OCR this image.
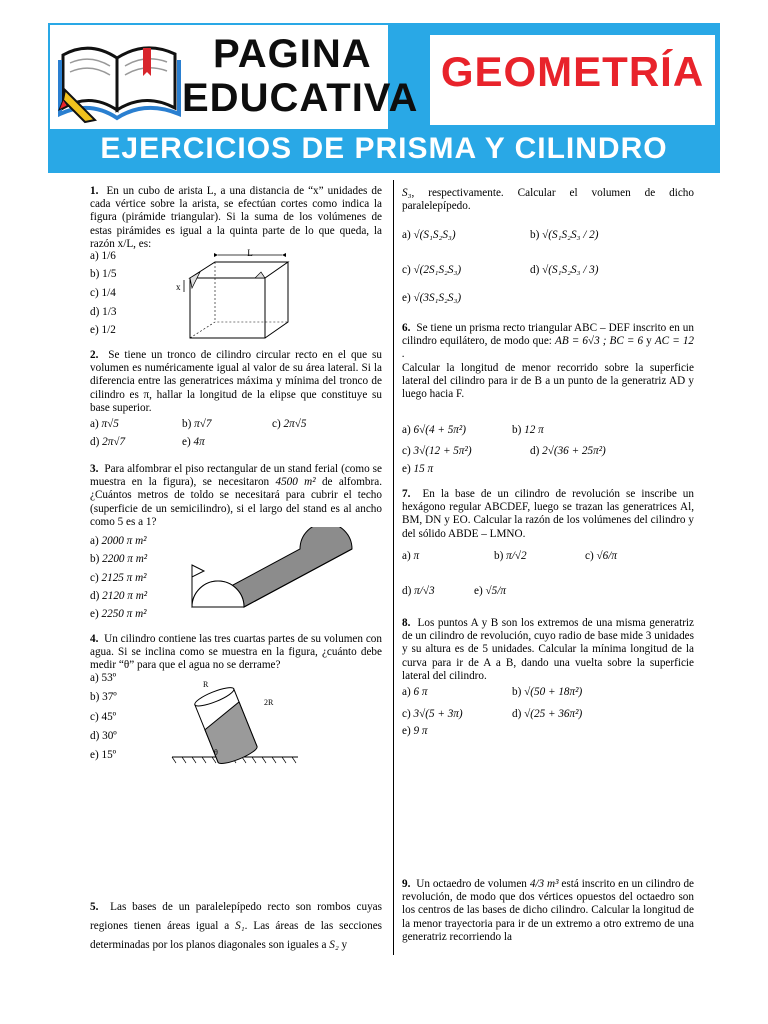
PAGINA
EDUCATIVA
GEOMETRÍA
EJERCICIOS DE PRISMA Y CILINDRO

1. En un cubo de arista L, a una distancia de “x” unidades de cada vértice sobre la arista, se efectúan cortes como indica la figura (pirámide triangular). Si la suma de los volúmenes de estas pirámides es igual a la quinta parte de lo que queda, la razón x/L, es:

a) 1/6
b) 1/5
c) 1/4
d) 1/3
e) 1/2
L
x

2. Se tiene un tronco de cilindro circular recto en el que su volumen es numéricamente igual al valor de su área lateral. Si la diferencia entre las generatrices máxima y mínima del tronco de cilindro es π, hallar la longitud de la elipse que constituye su base superior.

a) π√5	b) π√7	c) 2π√5
d) 2π√7	e) 4π

3. Para alfombrar el piso rectangular de un stand ferial (como se muestra en la figura), se necesitaron 4500 m² de alfombra. ¿Cuántos metros de toldo se necesitará para cubrir el techo (superficie de un semicilindro), si el largo del stand es al ancho como 5 es a 1?

a) 2000 π m²
b) 2200 π m²
c) 2125 π m²
d) 2120 π m²
e) 2250 π m²

4. Un cilindro contiene las tres cuartas partes de su volumen con agua. Si se inclina como se muestra en la figura, ¿cuánto debe medir “θ” para que el agua no se derrame?

a) 53º
b) 37º
c) 45º
d) 30º
e) 15º
R
2R
θ

5. Las bases de un paralelepípedo recto son rombos cuyas regiones tienen áreas igual a S₁. Las áreas de las secciones determinadas por los planos diagonales son iguales a S₂ y

S₃, respectivamente. Calcular el volumen de dicho paralelepípedo.

a) √(S₁S₂S₃)	b) √(S₁S₂S₃ / 2)
c) √(2S₁S₂S₃)	d) √(S₁S₂S₃ / 3)
e) √(3S₁S₂S₃)

6. Se tiene un prisma recto triangular ABC – DEF inscrito en un cilindro equilátero, de modo que: AB = 6√3 ; BC = 6 y AC = 12 .

Calcular la longitud de menor recorrido sobre la superficie lateral del cilindro para ir de B a un punto de la generatriz AD y luego hacia F.

a) 6√(4 + 5π²)	b) 12 π
c) 3√(12 + 5π²)	d) 2√(36 + 25π²)
e) 15 π

7. En la base de un cilindro de revolución se inscribe un hexágono regular ABCDEF, luego se trazan las generatrices Al, BM, DN y EO. Calcular la razón de los volúmenes del cilindro y del sólido ABDE – LMNO.

a) π	b) π/√2	c) √6/π
d) π/√3	e) √5/π

8. Los puntos A y B son los extremos de una misma generatriz de un cilindro de revolución, cuyo radio de base mide 3 unidades y su altura es de 5 unidades. Calcular la mínima longitud de la curva para ir de A a B, dando una vuelta sobre la superficie lateral del cilindro.

a) 6 π	b) √(50 + 18π²)
c) 3√(5 + 3π)	d) √(25 + 36π²)
e) 9 π

9. Un octaedro de volumen 4/3 m³ está inscrito en un cilindro de revolución, de modo que dos vértices opuestos del octaedro son los centros de las bases de dicho cilindro. Calcular la longitud de la menor trayectoria para ir de un extremo a otro extremo de una generatriz recorriendo la
